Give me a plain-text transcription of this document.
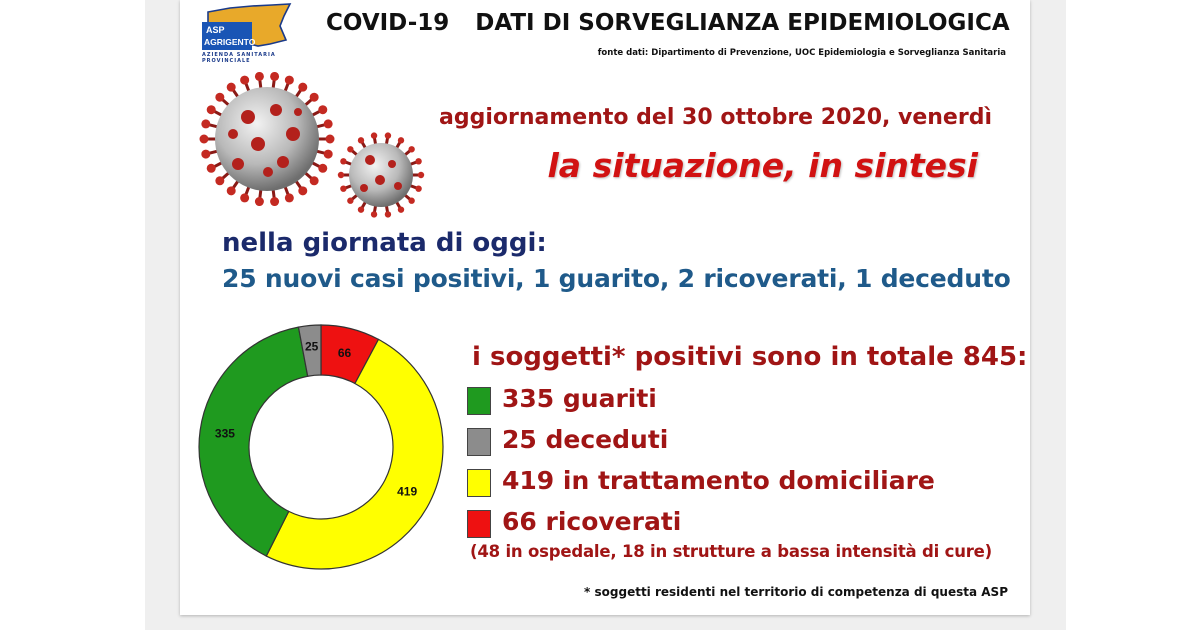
ASP
AGRIGENTO
AZIENDA SANITARIA PROVINCIALE
COVID-19 DATI DI SORVEGLIANZA EPIDEMIOLOGICA
fonte dati: Dipartimento di Prevenzione, UOC Epidemiologia e Sorveglianza Sanitaria
aggiornamento del 30 ottobre 2020, venerdì
la situazione, in sintesi
nella giornata di oggi:
25 nuovi casi positivi, 1 guarito, 2 ricoverati, 1 deceduto
66
419
335
25	i soggetti* positivi sono in totale 845:
335 guariti
25 deceduti
419 in trattamento domiciliare
66 ricoverati
(48 in ospedale, 18 in strutture a bassa intensità di cure)
* soggetti residenti nel territorio di competenza di questa ASP
